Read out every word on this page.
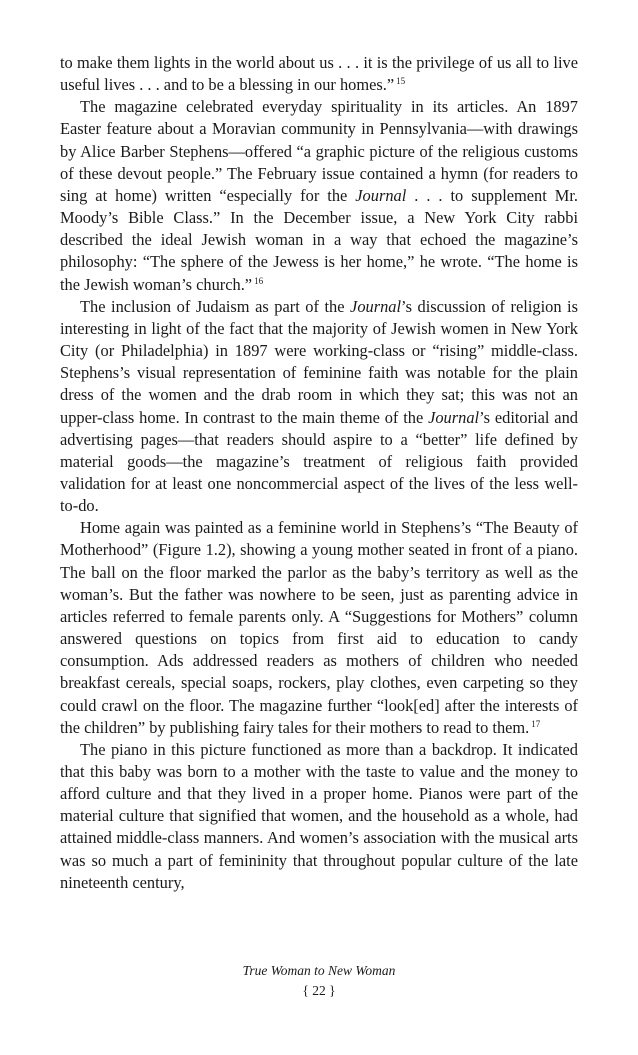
to make them lights in the world about us . . . it is the privilege of us all to live useful lives . . . and to be a blessing in our homes.” $^{15}$

The magazine celebrated everyday spirituality in its articles. An 1897 Easter feature about a Moravian community in Pennsylvania—with drawings by Alice Barber Stephens—offered “a graphic picture of the religious customs of these devout people.” The February issue contained a hymn (for readers to sing at home) written “especially for the Journal . . . to supplement Mr. Moody’s Bible Class.” In the December issue, a New York City rabbi described the ideal Jewish woman in a way that echoed the magazine’s philosophy: “The sphere of the Jewess is her home,” he wrote. “The home is the Jewish woman’s church.” $^{16}$

The inclusion of Judaism as part of the Journal’s discussion of religion is interesting in light of the fact that the majority of Jewish women in New York City (or Philadelphia) in 1897 were working-class or “rising” middle-class. Stephens’s visual representation of feminine faith was notable for the plain dress of the women and the drab room in which they sat; this was not an upper-class home. In contrast to the main theme of the Journal’s editorial and advertising pages—that readers should aspire to a “better” life defined by material goods—the magazine’s treatment of religious faith provided validation for at least one noncommercial aspect of the lives of the less well-to-do.

Home again was painted as a feminine world in Stephens’s “The Beauty of Motherhood” (Figure 1.2), showing a young mother seated in front of a piano. The ball on the floor marked the parlor as the baby’s territory as well as the woman’s. But the father was nowhere to be seen, just as parenting advice in articles referred to female parents only. A “Suggestions for Mothers” column answered questions on topics from first aid to education to candy consumption. Ads addressed readers as mothers of children who needed breakfast cereals, special soaps, rockers, play clothes, even carpeting so they could crawl on the floor. The magazine further “look[ed] after the interests of the children” by publishing fairy tales for their mothers to read to them. $^{17}$

The piano in this picture functioned as more than a backdrop. It indicated that this baby was born to a mother with the taste to value and the money to afford culture and that they lived in a proper home. Pianos were part of the material culture that signified that women, and the household as a whole, had attained middle-class manners. And women’s association with the musical arts was so much a part of femininity that throughout popular culture of the late nineteenth century,

True Woman to New Woman
{ 22 }
